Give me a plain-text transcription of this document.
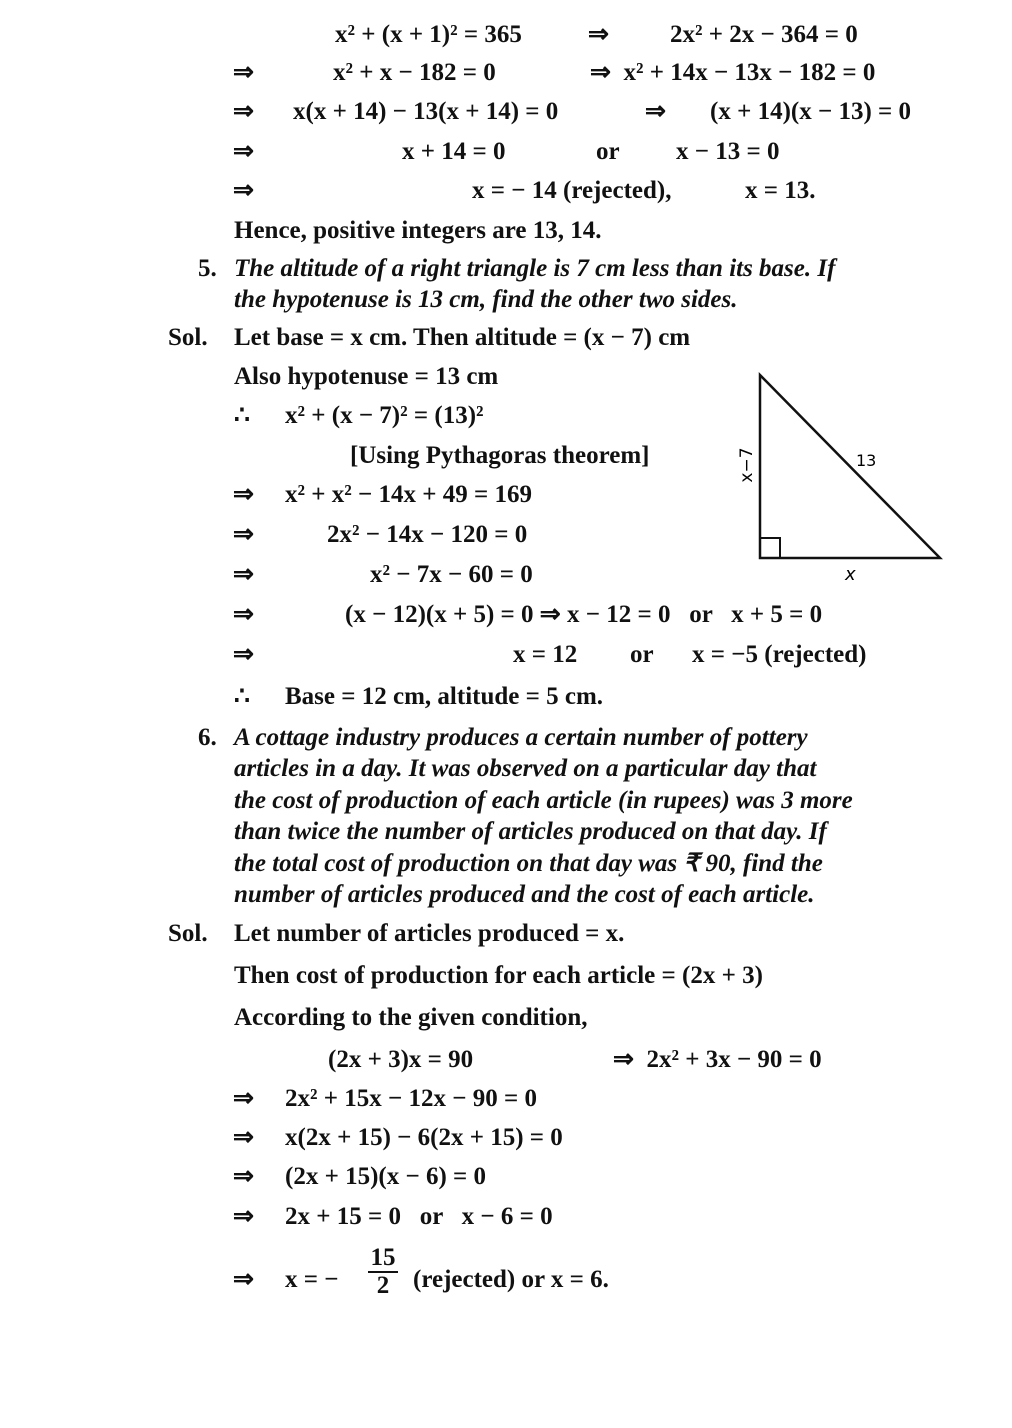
x² + (x + 1)² = 365	⇒ 2x² + 2x − 364 = 0
⇒	x² + x − 182 = 0	⇒  x² + 14x − 13x − 182 = 0
⇒ x(x + 14) − 13(x + 14) = 0	⇒ (x + 14)(x − 13) = 0
⇒	x + 14 = 0	or x − 13 = 0
⇒	x = − 14 (rejected),	x = 13.
Hence, positive integers are 13, 14.
5. The altitude of a right triangle is 7 cm less than its base. If
the hypotenuse is 13 cm, find the other two sides.
Sol. Let base = x cm. Then altitude = (x − 7) cm
Also hypotenuse = 13 cm
∴ x² + (x − 7)² = (13)²
[Using Pythagoras theorem]
⇒ x² + x² − 14x + 49 = 169
⇒	2x² − 14x − 120 = 0
⇒	x² − 7x − 60 = 0
⇒	(x − 12)(x + 5) = 0 ⇒ x − 12 = 0   or   x + 5 = 0
⇒	x = 12 or x = −5 (rejected)
∴ Base = 12 cm, altitude = 5 cm.
x−7	13
x
6. A cottage industry produces a certain number of pottery
articles in a day. It was observed on a particular day that
the cost of production of each article (in rupees) was 3 more
than twice the number of articles produced on that day. If
the total cost of production on that day was ₹ 90, find the
number of articles produced and the cost of each article.
Sol. Let number of articles produced = x.
Then cost of production for each article = (2x + 3)
According to the given condition,
(2x + 3)x = 90	⇒  2x² + 3x − 90 = 0
⇒ 2x² + 15x − 12x − 90 = 0
⇒ x(2x + 15) − 6(2x + 15) = 0
⇒ (2x + 15)(x − 6) = 0
⇒ 2x + 15 = 0   or   x − 6 = 0
⇒ x = − $\frac{15}{2}$ (rejected) or x = 6.
